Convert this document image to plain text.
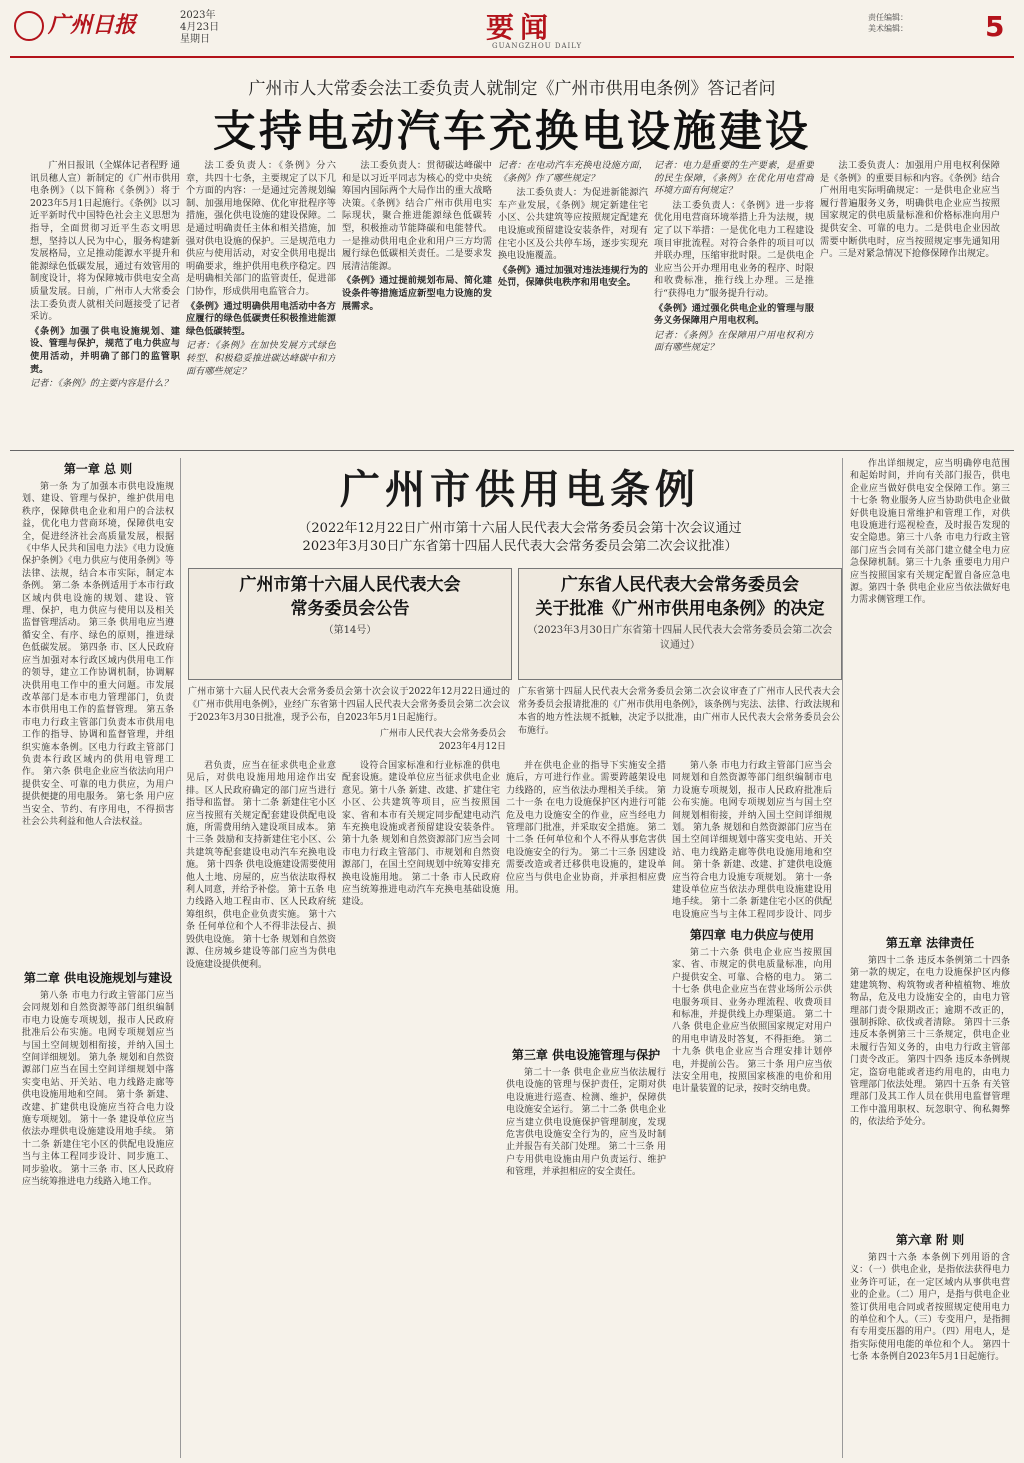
广州日报	2023年
4月23日
星期日	要闻
GUANGZHOU DAILY
责任编辑：
美术编辑：	5
广州市人大常委会法工委负责人就制定《广州市供用电条例》答记者问
支持电动汽车充换电设施建设

广州日报讯（全媒体记者程野 通讯员穗人宣）新制定的《广州市供用电条例》（以下简称《条例》）将于2023年5月1日起施行。《条例》以习近平新时代中国特色社会主义思想为指导，全面贯彻习近平生态文明思想，坚持以人民为中心，服务构建新发展格局，立足推动能源水平提升和能源绿色低碳发展，通过有效管用的制度设计，将为保障城市供电安全高质量发展。日前，广州市人大常委会法工委负责人就相关问题接受了记者采访。

《条例》加强了供电设施规划、建设、管理与保护，规范了电力供应与使用活动，并明确了部门的监管职责。

记者：《条例》的主要内容是什么？

法工委负责人：《条例》分六章，共四十七条，主要规定了以下几个方面的内容：一是通过完善规划编制、加强用地保障、优化审批程序等措施，强化供电设施的建设保障。二是通过明确责任主体和相关措施，加强对供电设施的保护。三是规范电力供应与使用活动，对安全供用电提出明确要求，维护供用电秩序稳定。四是明确相关部门的监管责任，促进部门协作，形成供用电监管合力。

《条例》通过明确供用电活动中各方应履行的绿色低碳责任积极推进能源绿色低碳转型。

记者：《条例》在加快发展方式绿色转型、积极稳妥推进碳达峰碳中和方面有哪些规定？

法工委负责人：贯彻碳达峰碳中和是以习近平同志为核心的党中央统筹国内国际两个大局作出的重大战略决策。《条例》结合广州市供用电实际现状，聚合推进能源绿色低碳转型，积极推动节能降碳和电能替代。一是推动供用电企业和用户三方均需履行绿色低碳相关责任。二是要求发展清洁能源。

《条例》通过提前规划布局、简化建设条件等措施适应新型电力设施的发展需求。

记者：在电动汽车充换电设施方面，《条例》作了哪些规定？

法工委负责人：为促进新能源汽车产业发展，《条例》规定新建住宅小区、公共建筑等应按照规定配建充电设施或预留建设安装条件，对现有住宅小区及公共停车场，逐步实现充换电设施覆盖。

《条例》通过加强对违法违规行为的处罚，保障供电秩序和用电安全。

记者：电力是重要的生产要素，是重要的民生保障，《条例》在优化用电营商环境方面有何规定？

法工委负责人：《条例》进一步将优化用电营商环境举措上升为法规，规定了以下举措：一是优化电力工程建设项目审批流程。对符合条件的项目可以并联办理，压缩审批时限。二是供电企业应当公开办理用电业务的程序、时限和收费标准，推行线上办理。三是推行“获得电力”服务提升行动。

《条例》通过强化供电企业的管理与服务义务保障用户用电权利。

记者：《条例》在保障用户用电权利方面有哪些规定？

法工委负责人：加强用户用电权利保障是《条例》的重要目标和内容。《条例》结合广州用电实际明确规定：一是供电企业应当履行普遍服务义务，明确供电企业应当按照国家规定的供电质量标准和价格标准向用户提供安全、可靠的电力。二是供电企业因故需要中断供电时，应当按照规定事先通知用户。三是对紧急情况下抢修保障作出规定。

广州市供用电条例
（2022年12月22日广州市第十六届人民代表大会常务委员会第十次会议通过
2023年3月30日广东省第十四届人民代表大会常务委员会第二次会议批准）
广州市第十六届人民代表大会
常务委员会公告
（第14号）
广州市第十六届人民代表大会常务委员会第十次会议于2022年12月22日通过的《广州市供用电条例》，业经广东省第十四届人民代表大会常务委员会第二次会议于2023年3月30日批准，现予公布，自2023年5月1日起施行。
广州市人民代表大会常务委员会
2023年4月12日
广东省人民代表大会常务委员会
关于批准《广州市供用电条例》的决定
（2023年3月30日广东省第十四届人民代表大会常务委员会第二次会议通过）
广东省第十四届人民代表大会常务委员会第二次会议审查了广州市人民代表大会常务委员会报请批准的《广州市供用电条例》，该条例与宪法、法律、行政法规和本省的地方性法规不抵触，决定予以批准，由广州市人民代表大会常务委员会公布施行。
第一章 总 则
第一条 为了加强本市供电设施规划、建设、管理与保护，维护供用电秩序，保障供电企业和用户的合法权益，优化电力营商环境，保障供电安全，促进经济社会高质量发展，根据《中华人民共和国电力法》《电力设施保护条例》《电力供应与使用条例》等法律、法规，结合本市实际，制定本条例。 第二条 本条例适用于本市行政区域内供电设施的规划、建设、管理、保护，电力供应与使用以及相关监督管理活动。 第三条 供用电应当遵循安全、有序、绿色的原则，推进绿色低碳发展。 第四条 市、区人民政府应当加强对本行政区域内供用电工作的领导，建立工作协调机制，协调解决供用电工作中的重大问题。市发展改革部门是本市电力管理部门，负责本市供用电工作的监督管理。 第五条 市电力行政主管部门负责本市供用电工作的指导、协调和监督管理，并组织实施本条例。区电力行政主管部门负责本行政区域内的供用电管理工作。 第六条 供电企业应当依法向用户提供安全、可靠的电力供应，为用户提供便捷的用电服务。 第七条 用户应当安全、节约、有序用电，不得损害社会公共利益和他人合法权益。
第二章 供电设施规划与建设
第八条 市电力行政主管部门应当会同规划和自然资源等部门组织编制市电力设施专项规划，报市人民政府批准后公布实施。电网专项规划应当与国土空间规划相衔接，并纳入国土空间详细规划。 第九条 规划和自然资源部门应当在国土空间详细规划中落实变电站、开关站、电力线路走廊等供电设施用地和空间。 第十条 新建、改建、扩建供电设施应当符合电力设施专项规划。 第十一条 建设单位应当依法办理供电设施建设用地手续。 第十二条 新建住宅小区的供配电设施应当与主体工程同步设计、同步施工、同步验收。 第十三条 市、区人民政府应当统筹推进电力线路入地工作。
君负责，应当在征求供电企业意见后，对供电设施用地用途作出安排。区人民政府确定的部门应当进行指导和监督。 第十二条 新建住宅小区应当按照有关规定配套建设供配电设施，所需费用纳入建设项目成本。 第十三条 鼓励和支持新建住宅小区、公共建筑等配套建设电动汽车充换电设施。 第十四条 供电设施建设需要使用他人土地、房屋的，应当依法取得权利人同意，并给予补偿。 第十五条 电力线路入地工程由市、区人民政府统筹组织，供电企业负责实施。 第十六条 任何单位和个人不得非法侵占、损毁供电设施。 第十七条 规划和自然资源、住房城乡建设等部门应当为供电设施建设提供便利。
设符合国家标准和行业标准的供电配套设施。建设单位应当征求供电企业意见。第十八条 新建、改建、扩建住宅小区、公共建筑等项目，应当按照国家、省和本市有关规定同步配建电动汽车充换电设施或者预留建设安装条件。 第十九条 规划和自然资源部门应当会同市电力行政主管部门、市规划和自然资源部门，在国土空间规划中统筹安排充换电设施用地。 第二十条 市人民政府应当统筹推进电动汽车充换电基础设施建设。
并在供电企业的指导下实施安全措施后，方可进行作业。需要跨越架设电力线路的，应当依法办理相关手续。 第二十一条 在电力设施保护区内进行可能危及电力设施安全的作业，应当经电力管理部门批准，并采取安全措施。 第二十二条 任何单位和个人不得从事危害供电设施安全的行为。 第二十三条 因建设需要改造或者迁移供电设施的，建设单位应当与供电企业协商，并承担相应费用。
第三章 供电设施管理与保护
第二十一条 供电企业应当依法履行供电设施的管理与保护责任，定期对供电设施进行巡查、检测、维护，保障供电设施安全运行。 第二十二条 供电企业应当建立供电设施保护管理制度，发现危害供电设施安全行为的，应当及时制止并报告有关部门处理。 第二十三条 用户专用供电设施由用户负责运行、维护和管理，并承担相应的安全责任。
第八条 市电力行政主管部门应当会同规划和自然资源等部门组织编制市电力设施专项规划，报市人民政府批准后公布实施。电网专项规划应当与国土空间规划相衔接，并纳入国土空间详细规划。 第九条 规划和自然资源部门应当在国土空间详细规划中落实变电站、开关站、电力线路走廊等供电设施用地和空间。 第十条 新建、改建、扩建供电设施应当符合电力设施专项规划。 第十一条 建设单位应当依法办理供电设施建设用地手续。 第十二条 新建住宅小区的供配电设施应当与主体工程同步设计、同步
第四章 电力供应与使用
第二十六条 供电企业应当按照国家、省、市规定的供电质量标准，向用户提供安全、可靠、合格的电力。 第二十七条 供电企业应当在营业场所公示供电服务项目、业务办理流程、收费项目和标准，并提供线上办理渠道。 第二十八条 供电企业应当依照国家规定对用户的用电申请及时答复，不得拒绝。 第二十九条 供电企业应当合理安排计划停电，并提前公告。 第三十条 用户应当依法安全用电，按照国家核准的电价和用电计量装置的记录，按时交纳电费。
作出详细规定，应当明确停电范围和起始时间，并向有关部门报告，供电企业应当做好供电安全保障工作。第三十七条 物业服务人应当协助供电企业做好供电设施日常维护和管理工作，对供电设施进行巡视检查，及时报告发现的安全隐患。第三十八条 市电力行政主管部门应当会同有关部门建立健全电力应急保障机制。第三十九条 重要电力用户应当按照国家有关规定配置自备应急电源。第四十条 供电企业应当依法做好电力需求侧管理工作。
第五章 法律责任
第四十二条 违反本条例第二十四条第一款的规定，在电力设施保护区内修建建筑物、构筑物或者种植植物、堆放物品，危及电力设施安全的，由电力管理部门责令限期改正；逾期不改正的，强制拆除、砍伐或者清除。 第四十三条 违反本条例第三十三条规定，供电企业未履行告知义务的，由电力行政主管部门责令改正。 第四十四条 违反本条例规定，盗窃电能或者违约用电的，由电力管理部门依法处理。 第四十五条 有关管理部门及其工作人员在供用电监督管理工作中滥用职权、玩忽职守、徇私舞弊的，依法给予处分。
第六章 附 则
第四十六条 本条例下列用语的含义：（一）供电企业，是指依法获得电力业务许可证，在一定区域内从事供电营业的企业。（二）用户，是指与供电企业签订供用电合同或者按照规定使用电力的单位和个人。（三）专变用户，是指拥有专用变压器的用户。（四）用电人，是指实际使用电能的单位和个人。 第四十七条 本条例自2023年5月1日起施行。
